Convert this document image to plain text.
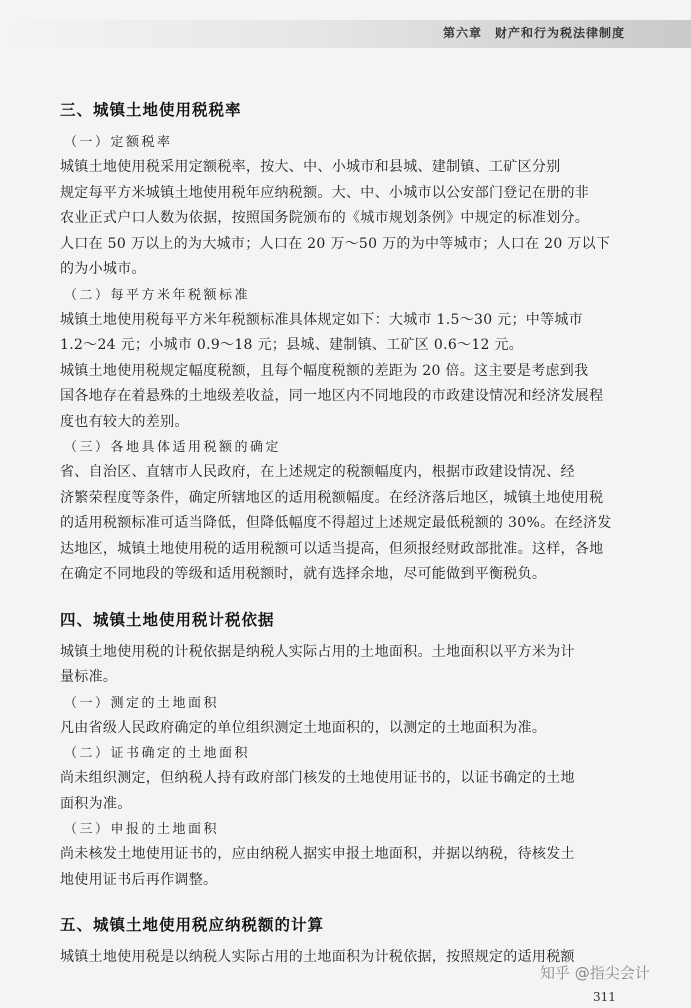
第六章　财产和行为税法律制度
三、城镇土地使用税税率
（一）定额税率

城镇土地使用税采用定额税率，按大、中、小城市和县城、建制镇、工矿区分别

规定每平方米城镇土地使用税年应纳税额。大、中、小城市以公安部门登记在册的非

农业正式户口人数为依据，按照国务院颁布的《城市规划条例》中规定的标准划分。

人口在 50 万以上的为大城市；人口在 20 万～50 万的为中等城市；人口在 20 万以下

的为小城市。

（二）每平方米年税额标准

城镇土地使用税每平方米年税额标准具体规定如下：大城市 1.5～30 元；中等城市

1.2～24 元；小城市 0.9～18 元；县城、建制镇、工矿区 0.6～12 元。

城镇土地使用税规定幅度税额，且每个幅度税额的差距为 20 倍。这主要是考虑到我

国各地存在着悬殊的土地级差收益，同一地区内不同地段的市政建设情况和经济发展程

度也有较大的差别。

（三）各地具体适用税额的确定

省、自治区、直辖市人民政府，在上述规定的税额幅度内，根据市政建设情况、经

济繁荣程度等条件，确定所辖地区的适用税额幅度。在经济落后地区，城镇土地使用税

的适用税额标准可适当降低，但降低幅度不得超过上述规定最低税额的 30%。在经济发

达地区，城镇土地使用税的适用税额可以适当提高，但须报经财政部批准。这样，各地

在确定不同地段的等级和适用税额时，就有选择余地，尽可能做到平衡税负。

四、城镇土地使用税计税依据

城镇土地使用税的计税依据是纳税人实际占用的土地面积。土地面积以平方米为计

量标准。

（一）测定的土地面积

凡由省级人民政府确定的单位组织测定土地面积的，以测定的土地面积为准。

（二）证书确定的土地面积

尚未组织测定，但纳税人持有政府部门核发的土地使用证书的，以证书确定的土地

面积为准。

（三）申报的土地面积

尚未核发土地使用证书的，应由纳税人据实申报土地面积，并据以纳税，待核发土

地使用证书后再作调整。

五、城镇土地使用税应纳税额的计算

城镇土地使用税是以纳税人实际占用的土地面积为计税依据，按照规定的适用税额

知乎 @指尖会计
311
